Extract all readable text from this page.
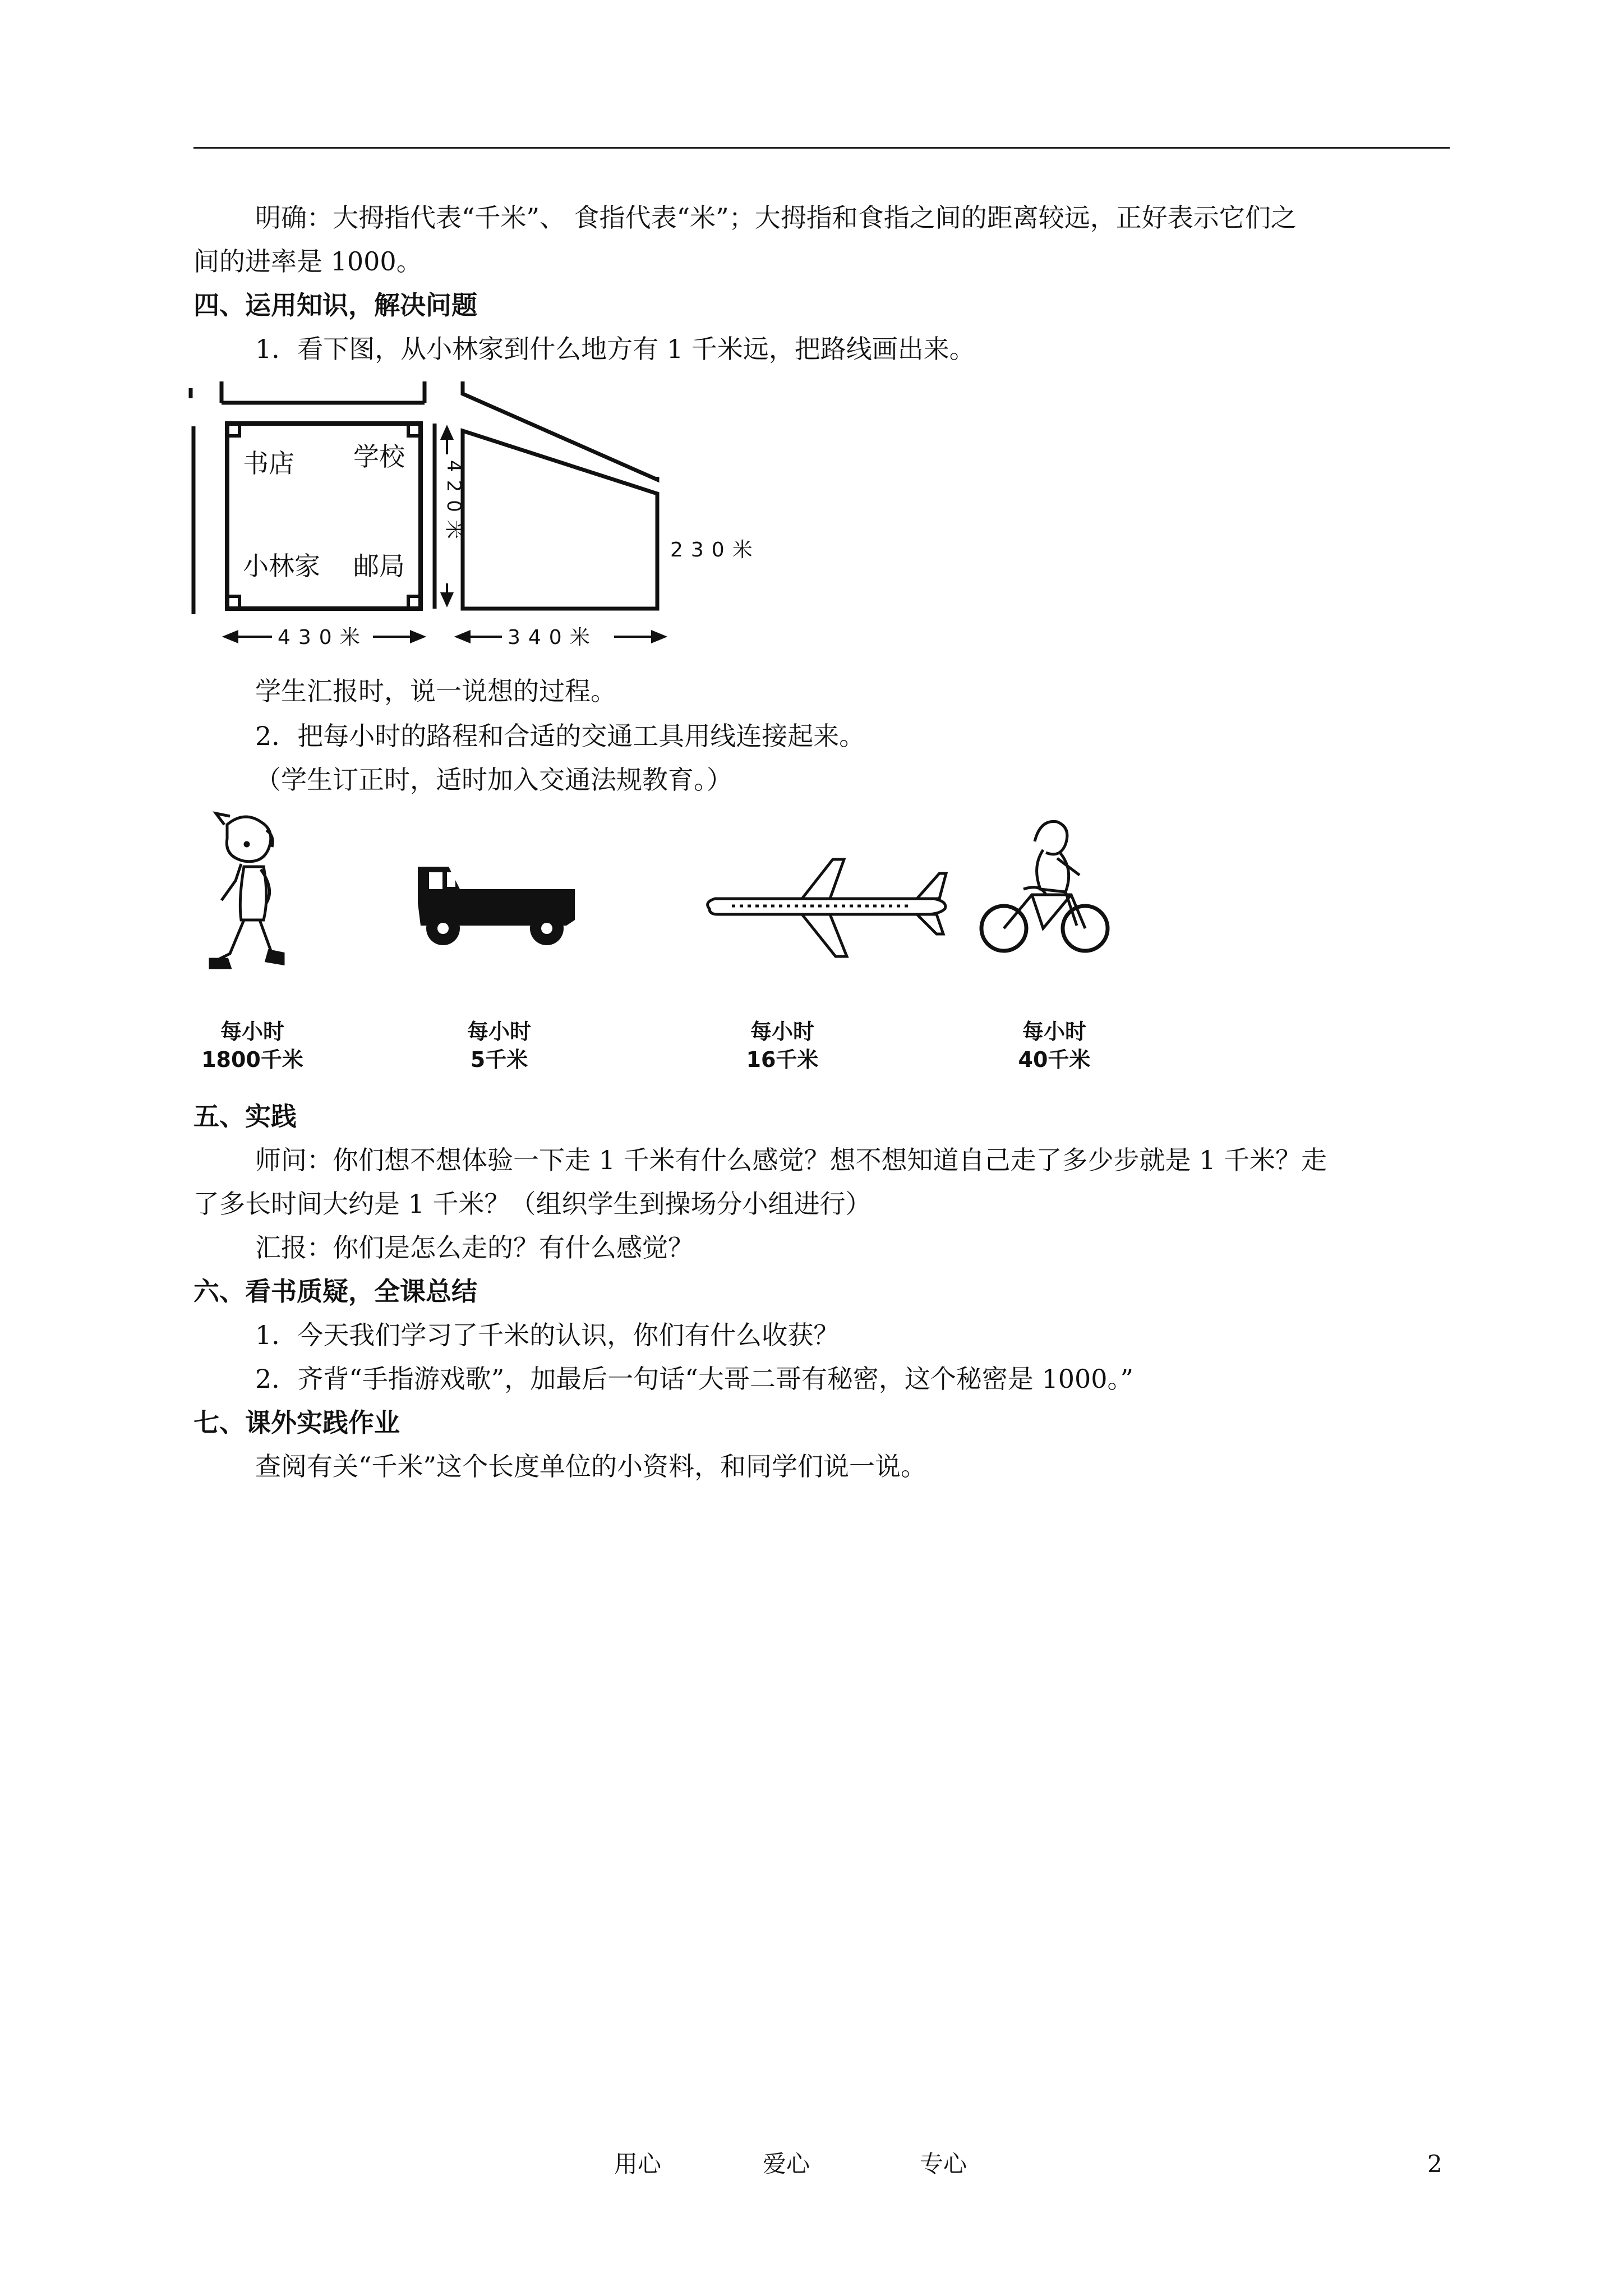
明确：大拇指代表“千米”、 食指代表“米”；大拇指和食指之间的距离较远，正好表示它们之
间的进率是 1000。
四、运用知识，解决问题
1．看下图，从小林家到什么地方有 1 千米远，把路线画出来。
420米
230米
430米	340米
书店 学校
小林家 邮局
学生汇报时，说一说想的过程。
2．把每小时的路程和合适的交通工具用线连接起来。
（学生订正时，适时加入交通法规教育。）
每小时
1800千米
每小时
5千米
每小时
16千米
每小时
40千米
五、实践
师问：你们想不想体验一下走 1 千米有什么感觉？想不想知道自己走了多少步就是 1 千米？走
了多长时间大约是 1 千米？（组织学生到操场分小组进行）
汇报：你们是怎么走的？有什么感觉？
六、看书质疑，全课总结
1．今天我们学习了千米的认识，你们有什么收获？
2．齐背“手指游戏歌”，加最后一句话“大哥二哥有秘密，这个秘密是 1000。”
七、课外实践作业
查阅有关“千米”这个长度单位的小资料，和同学们说一说。
用心	爱心	专心	2
